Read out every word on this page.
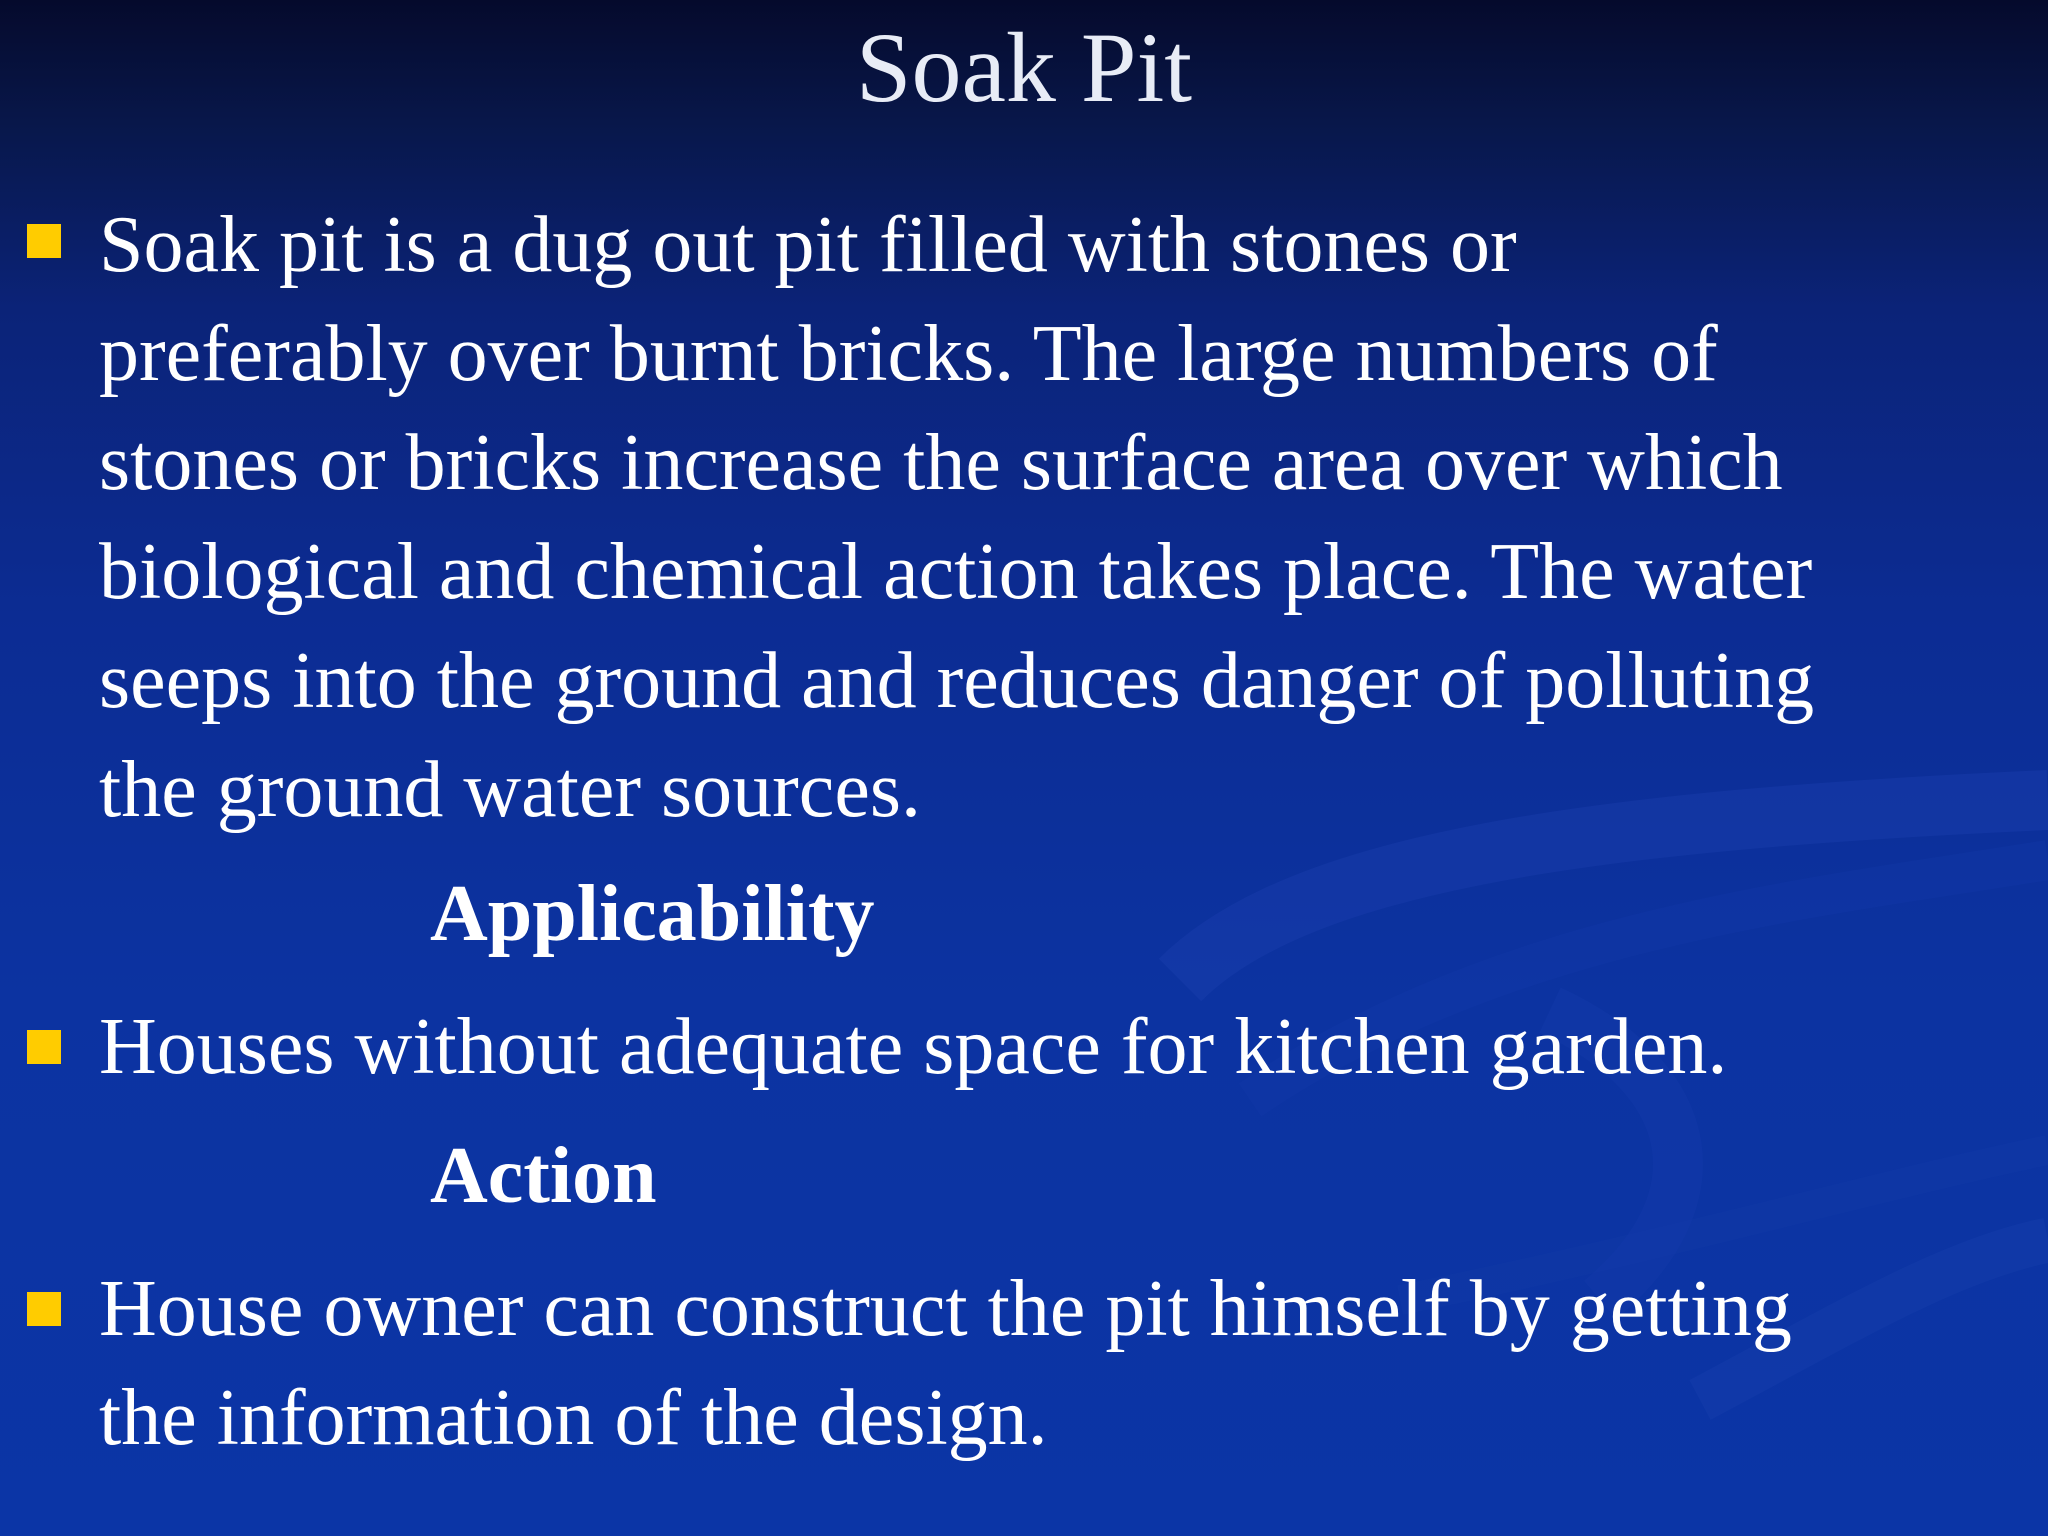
Soak Pit

Soak pit is a dug out pit filled with stones or
preferably over burnt bricks. The large numbers of
stones or bricks increase the surface area over which
biological and chemical action takes place. The water
seeps into the ground and reduces danger of polluting
the ground water sources.

Applicability

Houses without adequate space for kitchen garden.

Action

House owner can construct the pit himself by getting
the information of the design.
